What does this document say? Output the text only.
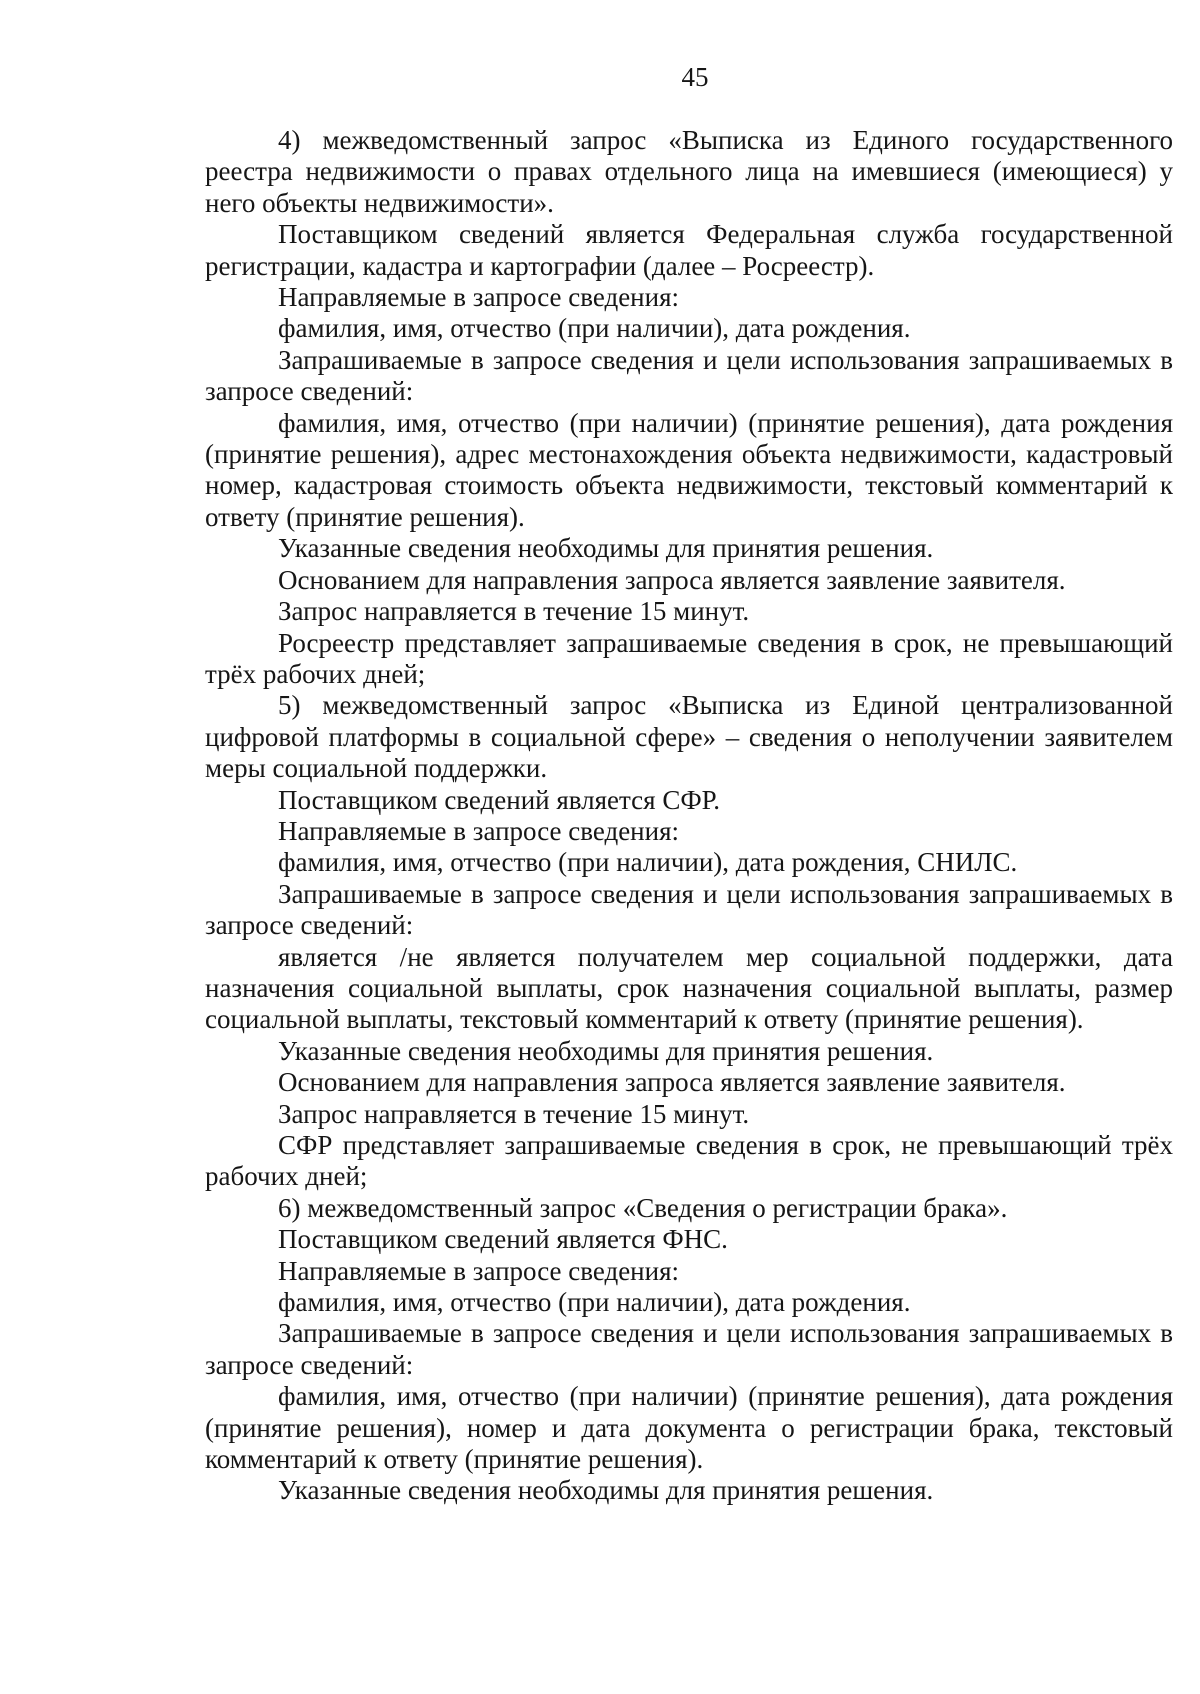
45

4) межведомственный запрос «Выписка из Единого государственного реестра недвижимости о правах отдельного лица на имевшиеся (имеющиеся) у него объекты недвижимости».

Поставщиком сведений является Федеральная служба государственной регистрации, кадастра и картографии (далее – Росреестр).

Направляемые в запросе сведения:

фамилия, имя, отчество (при наличии), дата рождения.

Запрашиваемые в запросе сведения и цели использования запрашиваемых в запросе сведений:

фамилия, имя, отчество (при наличии) (принятие решения), дата рождения (принятие решения), адрес местонахождения объекта недвижимости, кадастровый номер, кадастровая стоимость объекта недвижимости, текстовый комментарий к ответу (принятие решения).

Указанные сведения необходимы для принятия решения.

Основанием для направления запроса является заявление заявителя.

Запрос направляется в течение 15 минут.

Росреестр представляет запрашиваемые сведения в срок, не превышающий трёх рабочих дней;

5) межведомственный запрос «Выписка из Единой централизованной цифровой платформы в социальной сфере» – сведения о неполучении заявителем меры социальной поддержки.

Поставщиком сведений является СФР.

Направляемые в запросе сведения:

фамилия, имя, отчество (при наличии), дата рождения, СНИЛС.

Запрашиваемые в запросе сведения и цели использования запрашиваемых в запросе сведений:

является /не является получателем мер социальной поддержки, дата назначения социальной выплаты, срок назначения социальной выплаты, размер социальной выплаты, текстовый комментарий к ответу (принятие решения).

Указанные сведения необходимы для принятия решения.

Основанием для направления запроса является заявление заявителя.

Запрос направляется в течение 15 минут.

СФР представляет запрашиваемые сведения в срок, не превышающий трёх рабочих дней;

6) межведомственный запрос «Сведения о регистрации брака».

Поставщиком сведений является ФНС.

Направляемые в запросе сведения:

фамилия, имя, отчество (при наличии), дата рождения.

Запрашиваемые в запросе сведения и цели использования запрашиваемых в запросе сведений:

фамилия, имя, отчество (при наличии) (принятие решения), дата рождения (принятие решения), номер и дата документа о регистрации брака, текстовый комментарий к ответу (принятие решения).

Указанные сведения необходимы для принятия решения.
